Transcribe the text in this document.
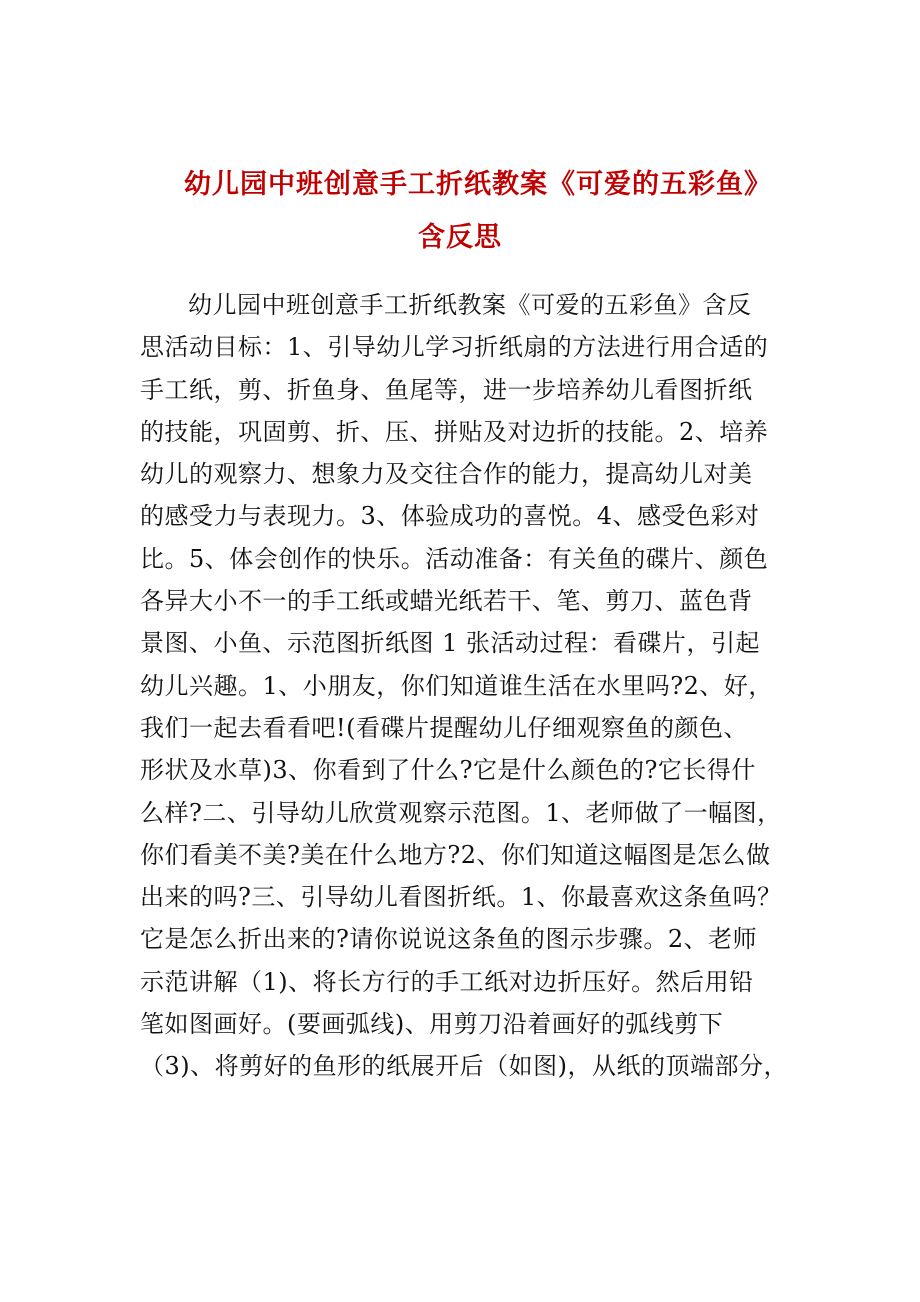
幼儿园中班创意手工折纸教案《可爱的五彩鱼》
含反思
幼儿园中班创意手工折纸教案《可爱的五彩鱼》含反
思活动目标：1、引导幼儿学习折纸扇的方法进行用合适的
手工纸，剪、折鱼身、鱼尾等，进一步培养幼儿看图折纸
的技能，巩固剪、折、压、拼贴及对边折的技能。2、培养
幼儿的观察力、想象力及交往合作的能力，提高幼儿对美
的感受力与表现力。3、体验成功的喜悦。4、感受色彩对
比。5、体会创作的快乐。活动准备：有关鱼的碟片、颜色
各异大小不一的手工纸或蜡光纸若干、笔、剪刀、蓝色背
景图、小鱼、示范图折纸图 1 张活动过程：看碟片，引起
幼儿兴趣。1、小朋友，你们知道谁生活在水里吗?2、好，
我们一起去看看吧!(看碟片提醒幼儿仔细观察鱼的颜色、
形状及水草)3、你看到了什么?它是什么颜色的?它长得什
么样?二、引导幼儿欣赏观察示范图。1、老师做了一幅图，
你们看美不美?美在什么地方?2、你们知道这幅图是怎么做
出来的吗?三、引导幼儿看图折纸。1、你最喜欢这条鱼吗？
它是怎么折出来的?请你说说这条鱼的图示步骤。2、老师
示范讲解（1)、将长方行的手工纸对边折压好。然后用铅
笔如图画好。(要画弧线)、用剪刀沿着画好的弧线剪下
（3)、将剪好的鱼形的纸展开后（如图)，从纸的顶端部分，
